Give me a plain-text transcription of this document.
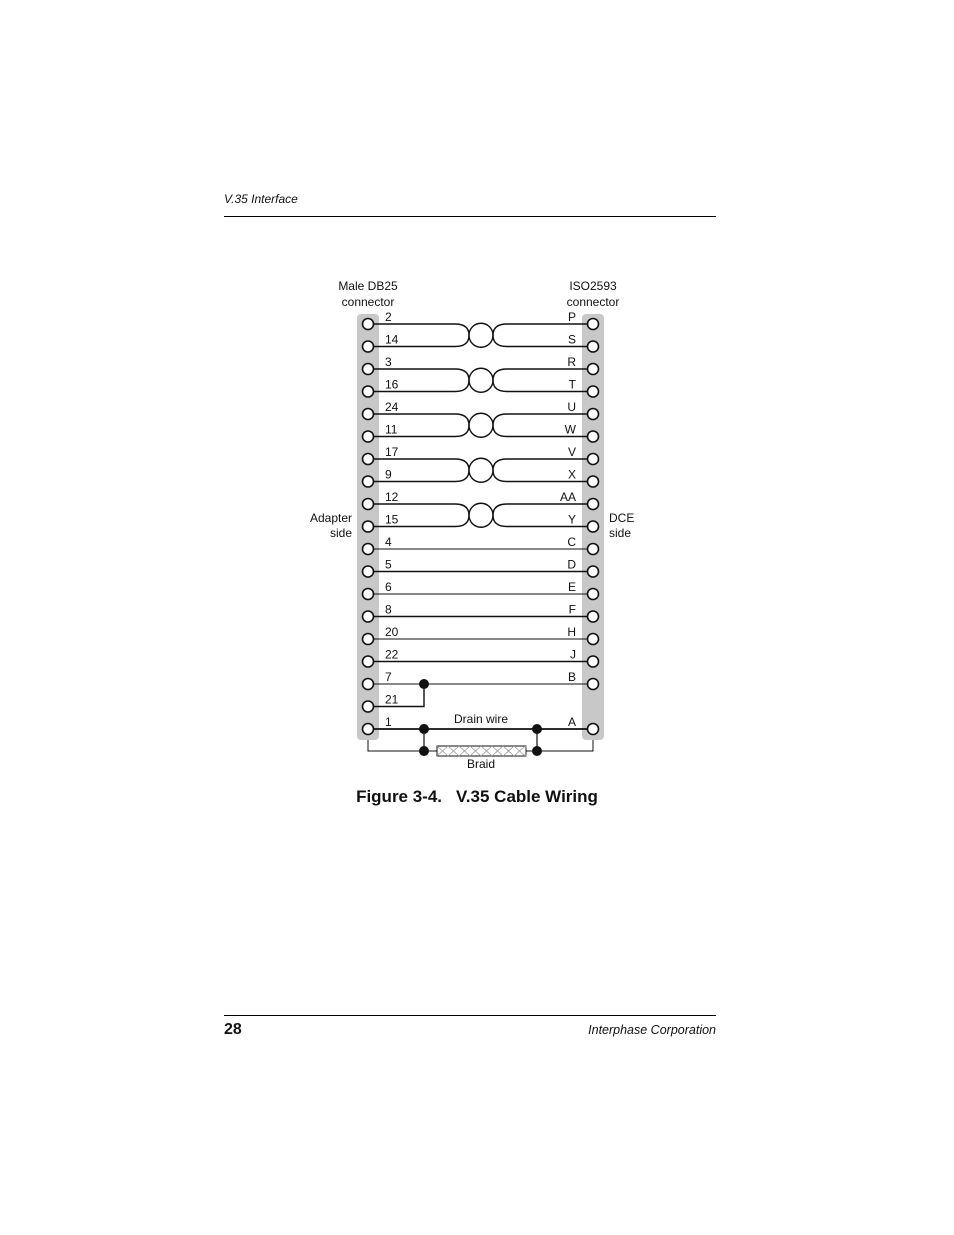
V.35 Interface
Male DB25
connector
ISO2593
connector
Adapter
side
DCE
side
2	P
14	S
3	R
16	T
24	U
11	W
17	V
9	X
12	AA
15	Y
4	C
5	D
6	E
8	F
20	H
22	J
7	B
21
1	A
Drain wire
Braid
Figure 3-4. V.35 Cable Wiring
28	Interphase Corporation
